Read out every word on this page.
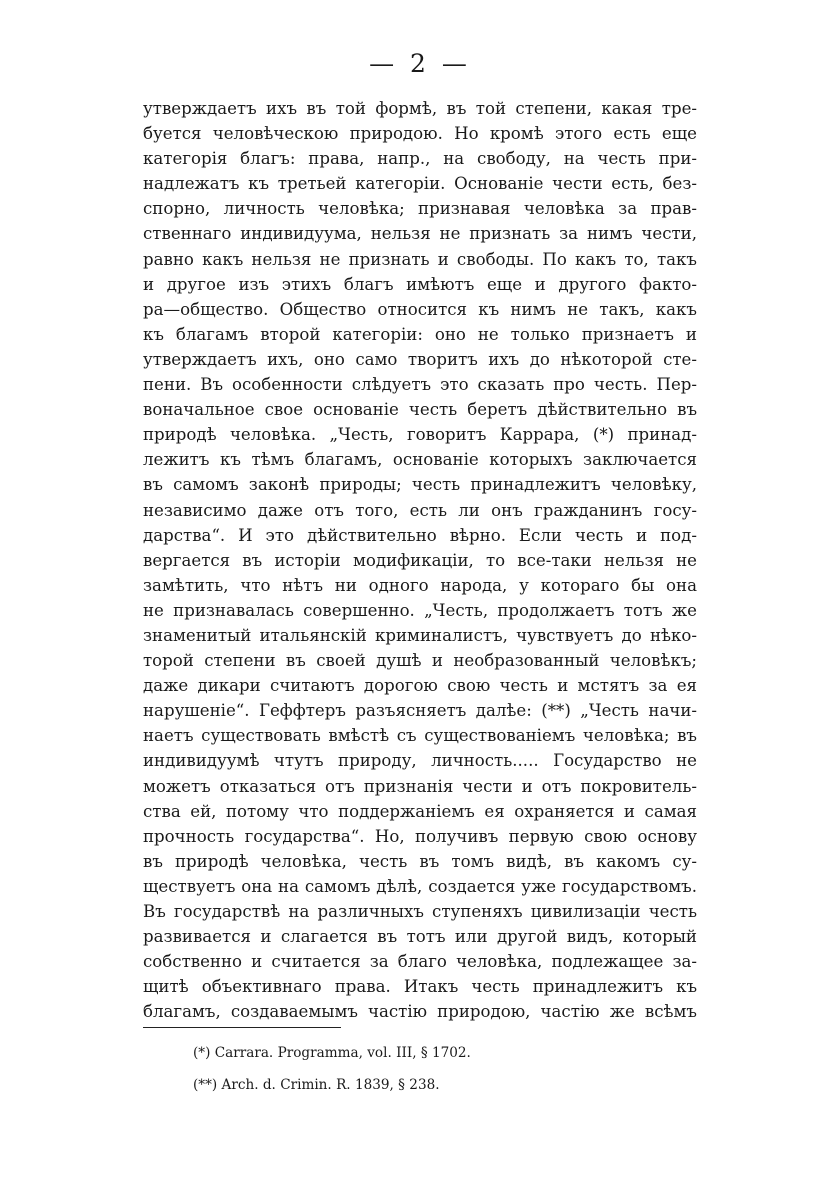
— 2 —
утверждаетъ ихъ въ той формѣ, въ той степени, какая тре-
буется человѣческою природою. Но кромѣ этого есть еще
категорія благъ: права, напр., на свободу, на честь при-
надлежатъ къ третьей категоріи. Основаніе чести есть, без-
спорно, личность человѣка; признавая человѣка за прав-
ственнаго индивидуума, нельзя не признать за нимъ чести,
равно какъ нельзя не признать и свободы. По какъ то, такъ
и другое изъ этихъ благъ имѣютъ еще и другого факто-
ра—общество. Общество относится къ нимъ не такъ, какъ
къ благамъ второй категоріи: оно не только признаетъ и
утверждаетъ ихъ, оно само творитъ ихъ до нѣкоторой сте-
пени. Въ особенности слѣдуетъ это сказать про честь. Пер-
воначальное свое основаніе честь беретъ дѣйствительно въ
природѣ человѣка. „Честь, говоритъ Каррара, (*) принад-
лежитъ къ тѣмъ благамъ, основаніе которыхъ заключается
въ самомъ законѣ природы; честь принадлежитъ человѣку,
независимо даже отъ того, есть ли онъ гражданинъ госу-
дарства“. И это дѣйствительно вѣрно. Если честь и под-
вергается въ исторіи модификаціи, то все-таки нельзя не
замѣтить, что нѣтъ ни одного народа, у котораго бы она
не признавалась совершенно. „Честь, продолжаетъ тотъ же
знаменитый итальянскій криминалистъ, чувствуетъ до нѣко-
торой степени въ своей душѣ и необразованный человѣкъ;
даже дикари считаютъ дорогою свою честь и мстятъ за ея
нарушеніе“. Геффтеръ разъясняетъ далѣе: (**) „Честь начи-
наетъ существовать вмѣстѣ съ существованіемъ человѣка; въ
индивидуумѣ чтутъ природу, личность..... Государство не
можетъ отказаться отъ признанія чести и отъ покровитель-
ства ей, потому что поддержаніемъ ея охраняется и самая
прочность государства“. Но, получивъ первую свою основу
въ природѣ человѣка, честь въ томъ видѣ, въ какомъ су-
ществуетъ она на самомъ дѣлѣ, создается уже государствомъ.
Въ государствѣ на различныхъ ступеняхъ цивилизаціи честь
развивается и слагается въ тотъ или другой видъ, который
собственно и считается за благо человѣка, подлежащее за-
щитѣ объективнаго права. Итакъ честь принадлежитъ къ
благамъ, создаваемымъ частію природою, частію же всѣмъ
(*) Carrara. Programma, vol. III, § 1702.
(**) Arch. d. Crimin. R. 1839, § 238.
